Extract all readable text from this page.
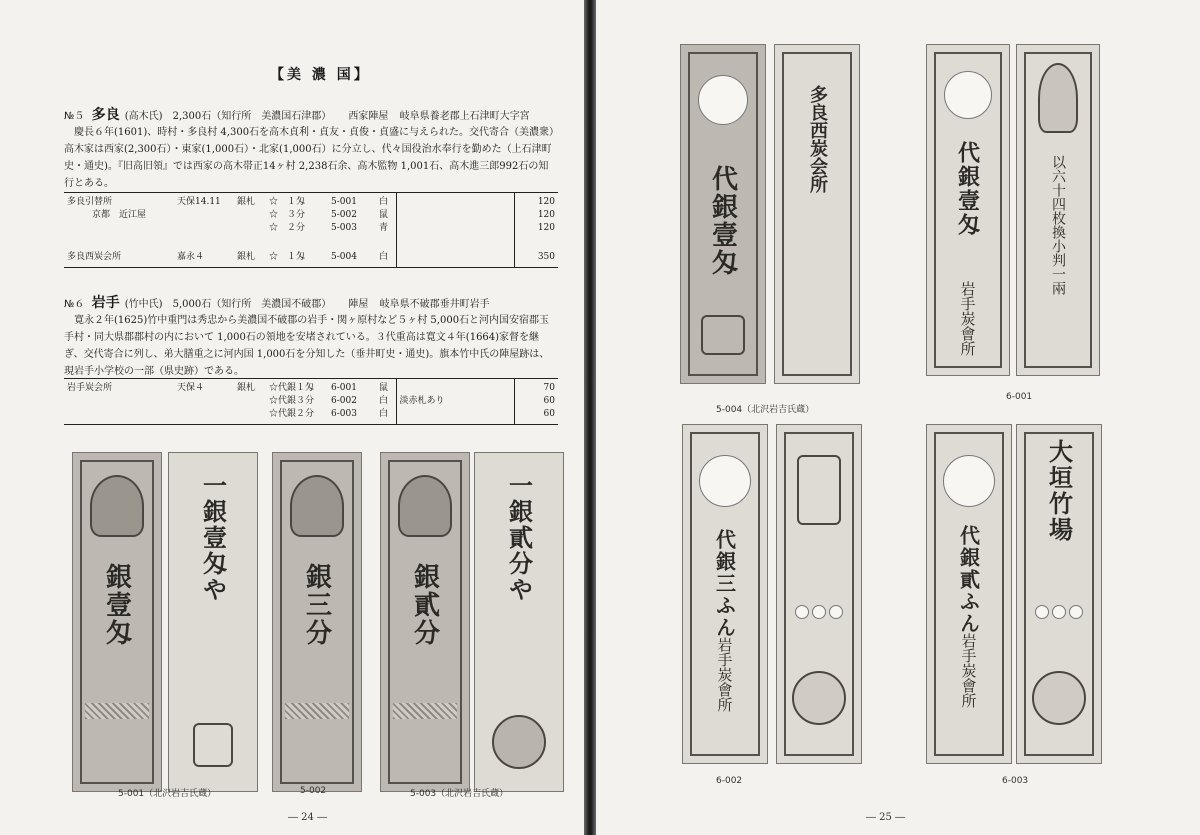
【美 濃 国】
№５ 多良 (高木氏)　2,300石（知行所　美濃国石津郡） 西家陣屋 岐阜県養老郡上石津町大字宮

慶長６年(1601)、時村・多良村 4,300石を高木貞利・貞友・貞俊・貞盛に与えられた。交代寄合（美濃衆）高木家は西家(2,300石）・東家(1,000石）・北家(1,000石）に分立し、代々国役治水奉行を勤めた（上石津町史・通史)。『旧高旧領』では西家の高木帯正14ヶ村 2,238石余、高木監物 1,001石、高木進三郎992石の知行とある。

多良引替所	天保14.11	銀札	☆　１匁	5-001	白		120
京都　近江屋			☆　３分	5-002	鼠		120
			☆　２分	5-003	青		120

多良西炭会所	嘉永４	銀札	☆　１匁	5-004	白		350
№６ 岩手 (竹中氏)　5,000石（知行所　美濃国不破郡） 陣屋 岐阜県不破郡垂井町岩手

寛永２年(1625)竹中重門は秀忠から美濃国不破郡の岩手・関ヶ原村など５ヶ村 5,000石と河内国安宿郡玉手村・同大県郡郡村の内において 1,000石の領地を安堵されている。３代重高は寛文４年(1664)家督を継ぎ、交代寄合に列し、弟大膳重之に河内国 1,000石を分知した（垂井町史・通史)。旗本竹中氏の陣屋跡は、現岩手小学校の一部（県史跡）である。

岩手炭会所	天保４	銀札	☆代銀１匁	6-001	鼠		70
			☆代銀３分	6-002	白	淡赤札あり	60
			☆代銀２分	6-003	白		60
銀壹匁
一銀壹匁や
銀三分	銀貳分
一銀貳分や
5-001（北沢岩吉氏蔵）	5-002	5-003（北沢岩吉氏蔵）
― 24 ―
代銀壹匁
多良西炭会所
5-004（北沢岩吉氏蔵）
代銀壹匁
岩手炭會所
以六十四枚換小判一兩
6-001
代銀三ふん
岩手炭會所
6-002
代銀貳ふん
岩手炭會所
大垣竹場
6-003
― 25 ―
